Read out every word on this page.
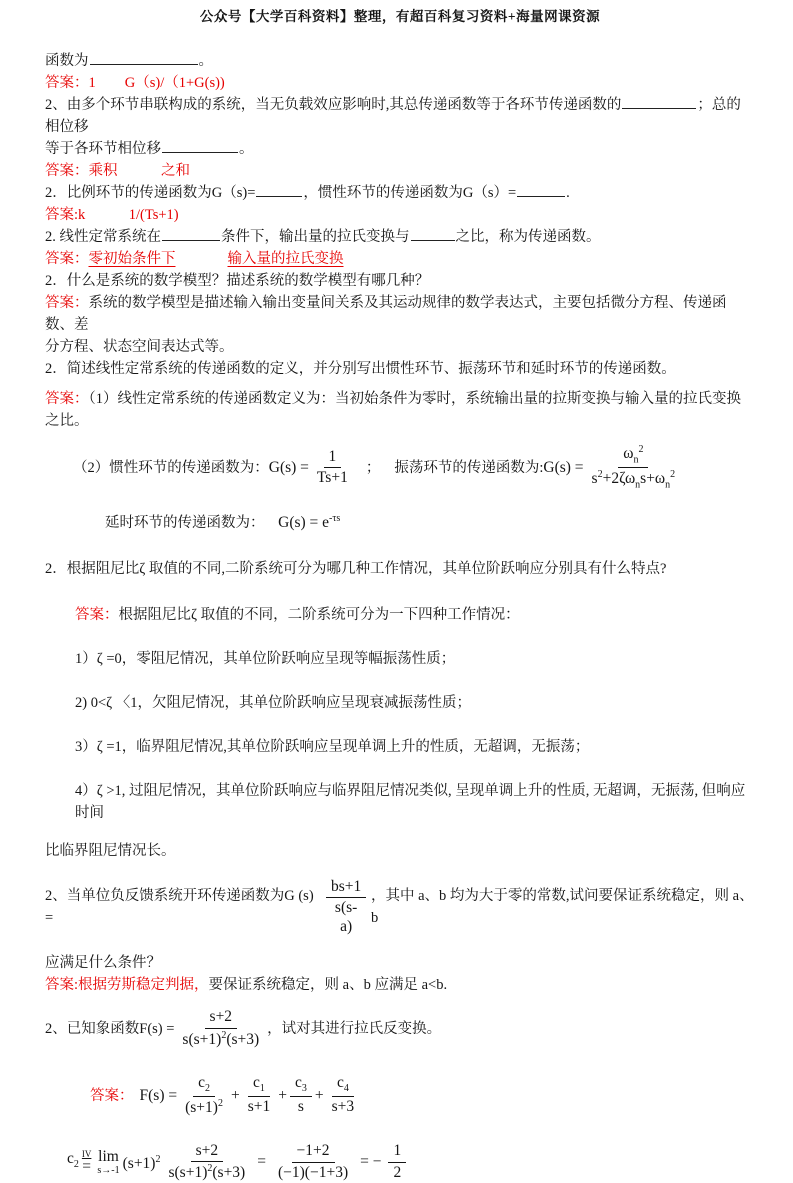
公众号【大学百科资料】整理，有超百科复习资料+海量网课资源
函数为	。
答案：1　　G（s)/（1+G(s))
2、由多个环节串联构成的系统，当无负载效应影响时,其总传递函数等于各环节传递函数的	；总的相位移
等于各环节相位移	。
答案：乘积　　　之和
2．比例环节的传递函数为G（s)=	，惯性环节的传递函数为G（s）=	.
答案:k　　　1/(Ts+1)
2. 线性定常系统在	条件下，输出量的拉氏变换与	之比，称为传递函数。
答案：零初始条件下	输入量的拉氏变换
2．什么是系统的数学模型？描述系统的数学模型有哪几种？
答案：系统的数学模型是描述输入输出变量间关系及其运动规律的数学表达式，主要包括微分方程、传递函数、差
分方程、状态空间表达式等。
2．简述线性定常系统的传递函数的定义，并分别写出惯性环节、振荡环节和延时环节的传递函数。
答案：（1）线性定常系统的传递函数定义为：当初始条件为零时，系统输出量的拉斯变换与输入量的拉氏变换之比。
（2）惯性环节的传递函数为： $G(s) = \frac{1}{Ts+1}$ ； 振荡环节的传递函数为: $G(s) = \frac{\omega_n^2}{s^2+2\zeta\omega_ns+\omega_n^2}$
延时环节的传递函数为： $G(s) = e^{-\tau s}$
2．根据阻尼比ζ 取值的不同,二阶系统可分为哪几种工作情况，其单位阶跃响应分别具有什么特点?
答案：根据阻尼比ζ 取值的不同，二阶系统可分为一下四种工作情况：
1）ζ =0，零阻尼情况，其单位阶跃响应呈现等幅振荡性质；
2) 0<ζ 〈1，欠阻尼情况，其单位阶跃响应呈现衰减振荡性质；
3）ζ =1，临界阻尼情况,其单位阶跃响应呈现单调上升的性质，无超调，无振荡；
4）ζ >1, 过阻尼情况，其单位阶跃响应与临界阻尼情况类似, 呈现单调上升的性质, 无超调，无振荡, 但响应时间
比临界阻尼情况长。
2、当单位负反馈系统开环传递函数为G (s) =	$\frac{bs+1}{s(s-a)}$ ，其中 a、b 均为大于零的常数,试问要保证系统稳定，则 a、b
应满足什么条件？
答案:根据劳斯稳定判据，要保证系统稳定，则 a、b 应满足 a<b.
2、已知象函数$F(s) = \frac{s+2}{s(s+1)^2(s+3)}$ ，试对其进行拉氏反变换。
答案： $F(s) = \frac{c_2}{(s+1)^2} + \frac{c_1}{s+1} + \frac{c_3}{s} + \frac{c_4}{s+3}$
$c_2$
IV
=
lim
s→-1 $(s+1)^2 \frac{s+2}{s(s+1)^2(s+3)} = \frac{-1+2}{(-1)(-1+3)}$ = − $\frac{1}{2}$
